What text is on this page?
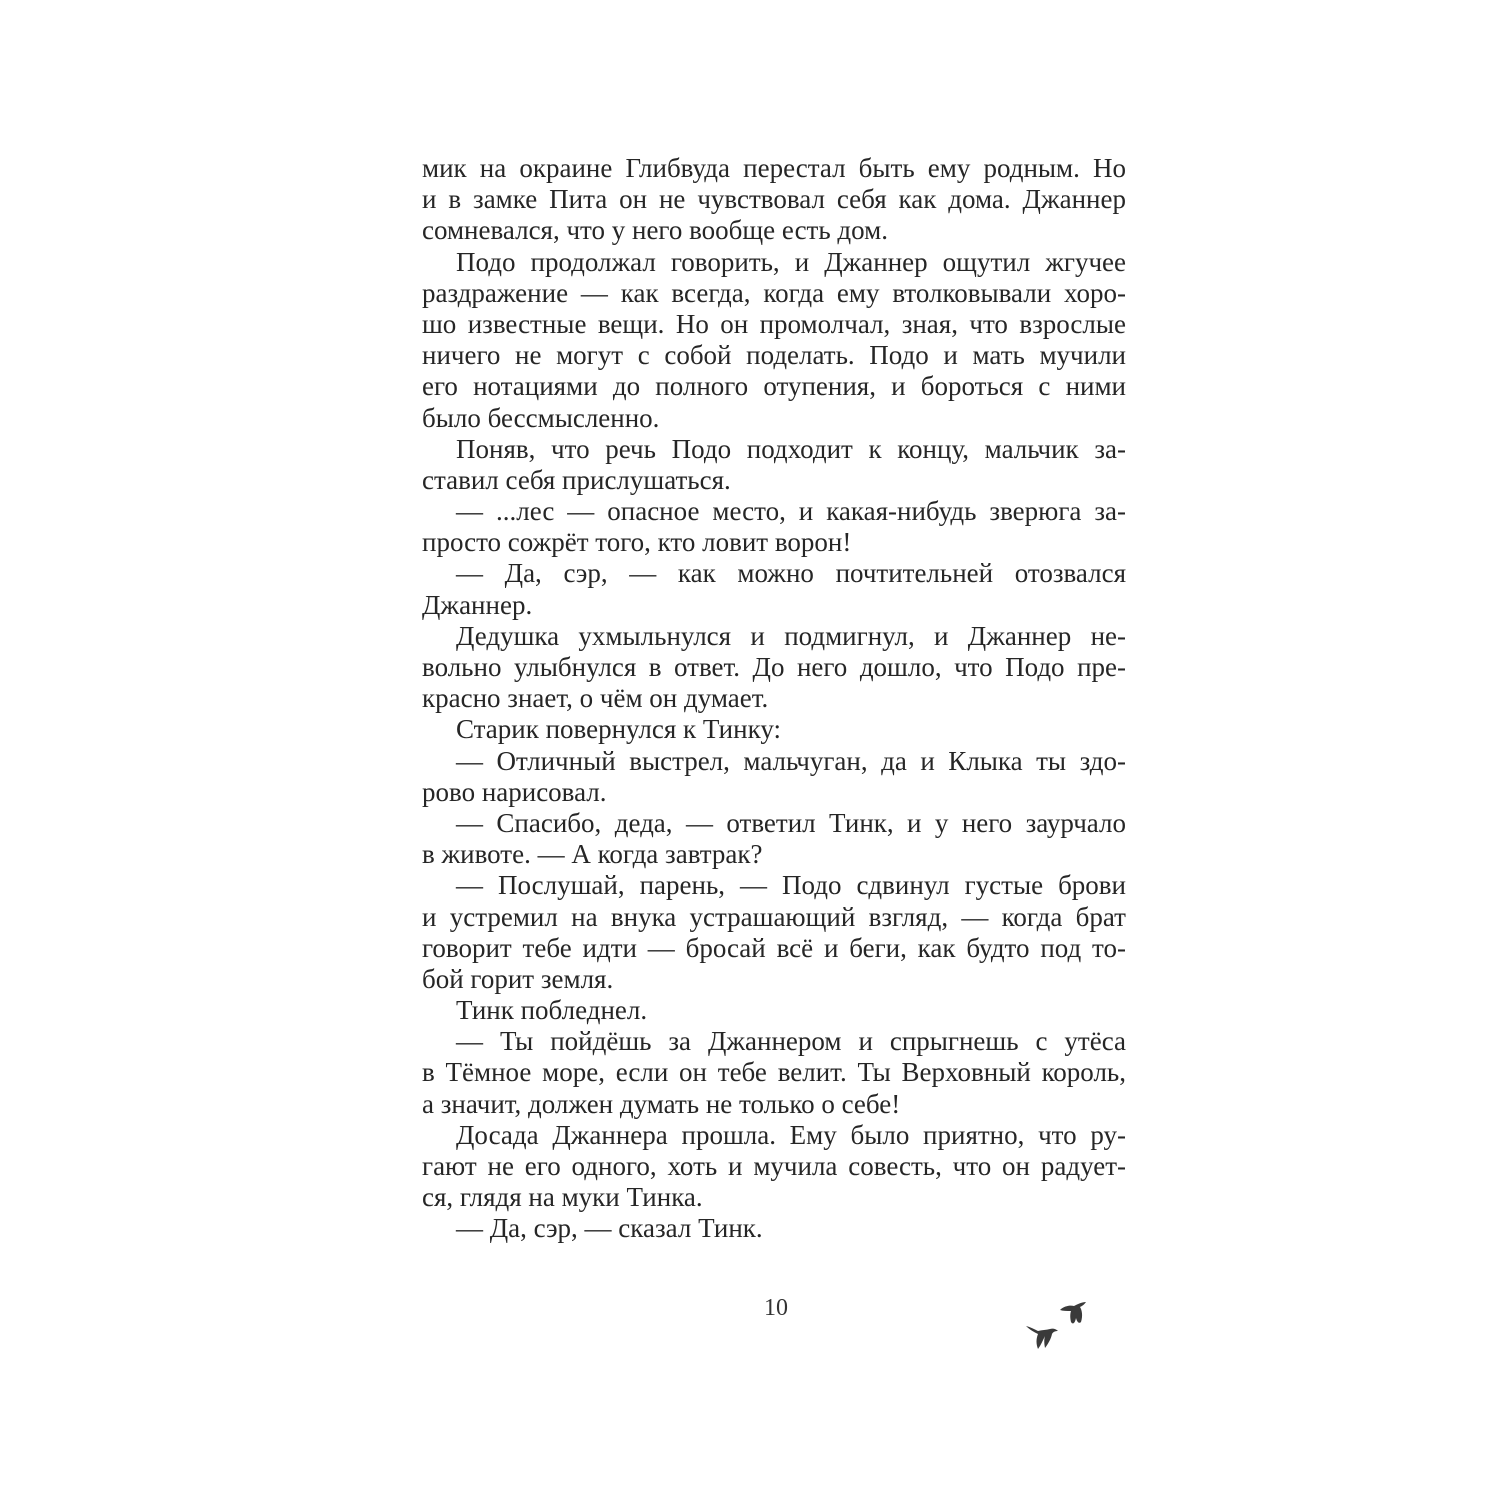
мик на окраине Глибвуда перестал быть ему родным. Но
и в замке Пита он не чувствовал себя как дома. Джаннер
сомневался, что у него вообще есть дом.
Подо продолжал говорить, и Джаннер ощутил жгучее
раздражение — как всегда, когда ему втолковывали хоро-
шо известные вещи. Но он промолчал, зная, что взрослые
ничего не могут с собой поделать. Подо и мать мучили
его нотациями до полного отупения, и бороться с ними
было бессмысленно.
Поняв, что речь Подо подходит к концу, мальчик за-
ставил себя прислушаться.
— ...лес — опасное место, и какая-нибудь зверюга за-
просто сожрёт того, кто ловит ворон!
— Да, сэр, — как можно почтительней отозвался
Джаннер.
Дедушка ухмыльнулся и подмигнул, и Джаннер не-
вольно улыбнулся в ответ. До него дошло, что Подо пре-
красно знает, о чём он думает.
Старик повернулся к Тинку:
— Отличный выстрел, мальчуган, да и Клыка ты здо-
рово нарисовал.
— Спасибо, деда, — ответил Тинк, и у него заурчало
в животе. — А когда завтрак?
— Послушай, парень, — Подо сдвинул густые брови
и устремил на внука устрашающий взгляд, — когда брат
говорит тебе идти — бросай всё и беги, как будто под то-
бой горит земля.
Тинк побледнел.
— Ты пойдёшь за Джаннером и спрыгнешь с утёса
в Тёмное море, если он тебе велит. Ты Верховный король,
а значит, должен думать не только о себе!
Досада Джаннера прошла. Ему было приятно, что ру-
гают не его одного, хоть и мучила совесть, что он радует-
ся, глядя на муки Тинка.
— Да, сэр, — сказал Тинк.
10
